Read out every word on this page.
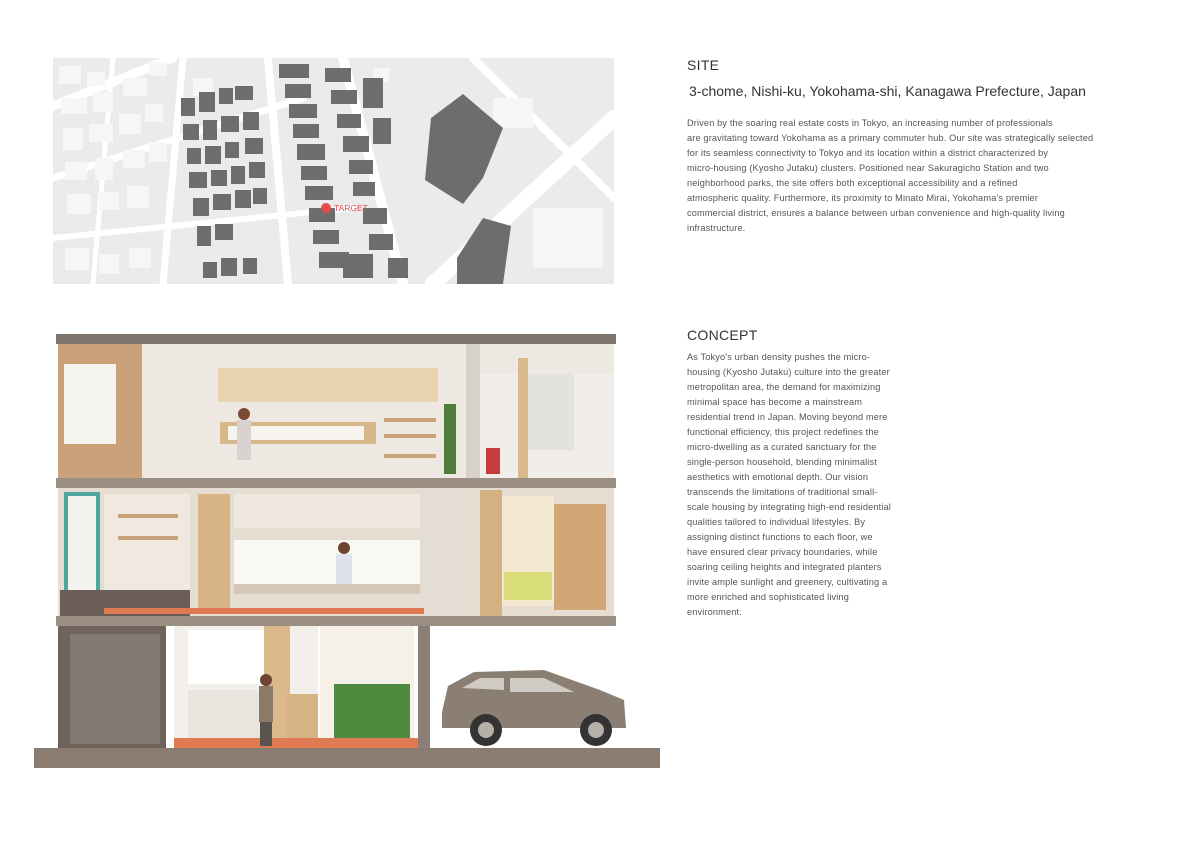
TARGET
SITE
3-chome, Nishi-ku, Yokohama-shi, Kanagawa Prefecture, Japan
Driven by the soaring real estate costs in Tokyo, an increasing number of professionals
are gravitating toward Yokohama as a primary commuter hub. Our site was strategically selected
for its seamless connectivity to Tokyo and its location within a district characterized by
micro-housing (Kyosho Jutaku) clusters. Positioned near Sakuragicho Station and two
neighborhood parks, the site offers both exceptional accessibility and a refined
atmospheric quality. Furthermore, its proximity to Minato Mirai, Yokohama's premier
commercial district, ensures a balance between urban convenience and high-quality living
infrastructure.
CONCEPT
As Tokyo's urban density pushes the micro-
housing (Kyosho Jutaku) culture into the greater
metropolitan area, the demand for maximizing
minimal space has become a mainstream
residential trend in Japan. Moving beyond mere
functional efficiency, this project redefines the
micro-dwelling as a curated sanctuary for the
single-person household, blending minimalist
aesthetics with emotional depth. Our vision
transcends the limitations of traditional small-
scale housing by integrating high-end residential
qualities tailored to individual lifestyles. By
assigning distinct functions to each floor, we
have ensured clear privacy boundaries, while
soaring ceiling heights and integrated planters
invite ample sunlight and greenery, cultivating a
more enriched and sophisticated living
environment.
